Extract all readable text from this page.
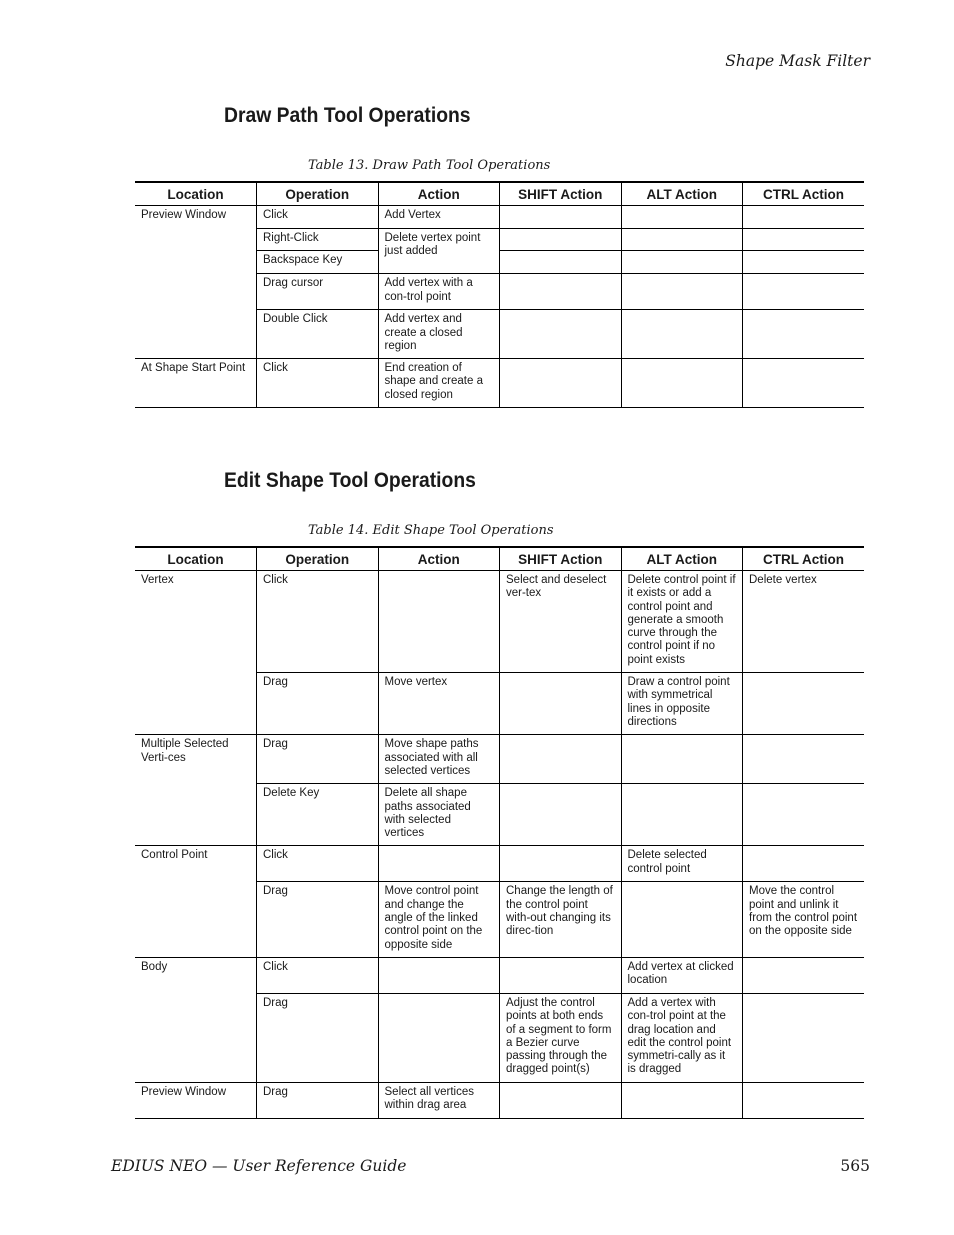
Shape Mask Filter
Draw Path Tool Operations
Table 13. Draw Path Tool Operations
Location	Operation	Action	SHIFT Action	ALT Action	CTRL Action
Preview Window	Click	Add Vertex			
	Right-Click	Delete vertex point just added			
	Backspace Key				
	Drag cursor	Add vertex with a con-trol point			
	Double Click	Add vertex and create a closed region			
At Shape Start Point	Click	End creation of shape and create a closed region			
Edit Shape Tool Operations
Table 14. Edit Shape Tool Operations
Location	Operation	Action	SHIFT Action	ALT Action	CTRL Action
Vertex	Click		Select and deselect ver-tex	Delete control point if it exists or add a control point and generate a smooth curve through the control point if no point exists	Delete vertex
	Drag	Move vertex		Draw a control point with symmetrical lines in opposite directions	
Multiple Selected Verti-ces	Drag	Move shape paths associated with all selected vertices			
	Delete Key	Delete all shape paths associated with selected vertices			
Control Point	Click			Delete selected control point	
	Drag	Move control point and change the angle of the linked control point on the opposite side	Change the length of the control point with-out changing its direc-tion		Move the control point and unlink it from the control point on the opposite side
Body	Click			Add vertex at clicked location	
	Drag		Adjust the control points at both ends of a segment to form a Bezier curve passing through the dragged point(s)	Add a vertex with con-trol point at the drag location and edit the control point symmetri-cally as it is dragged	
Preview Window	Drag	Select all vertices within drag area			
EDIUS NEO — User Reference Guide	565
